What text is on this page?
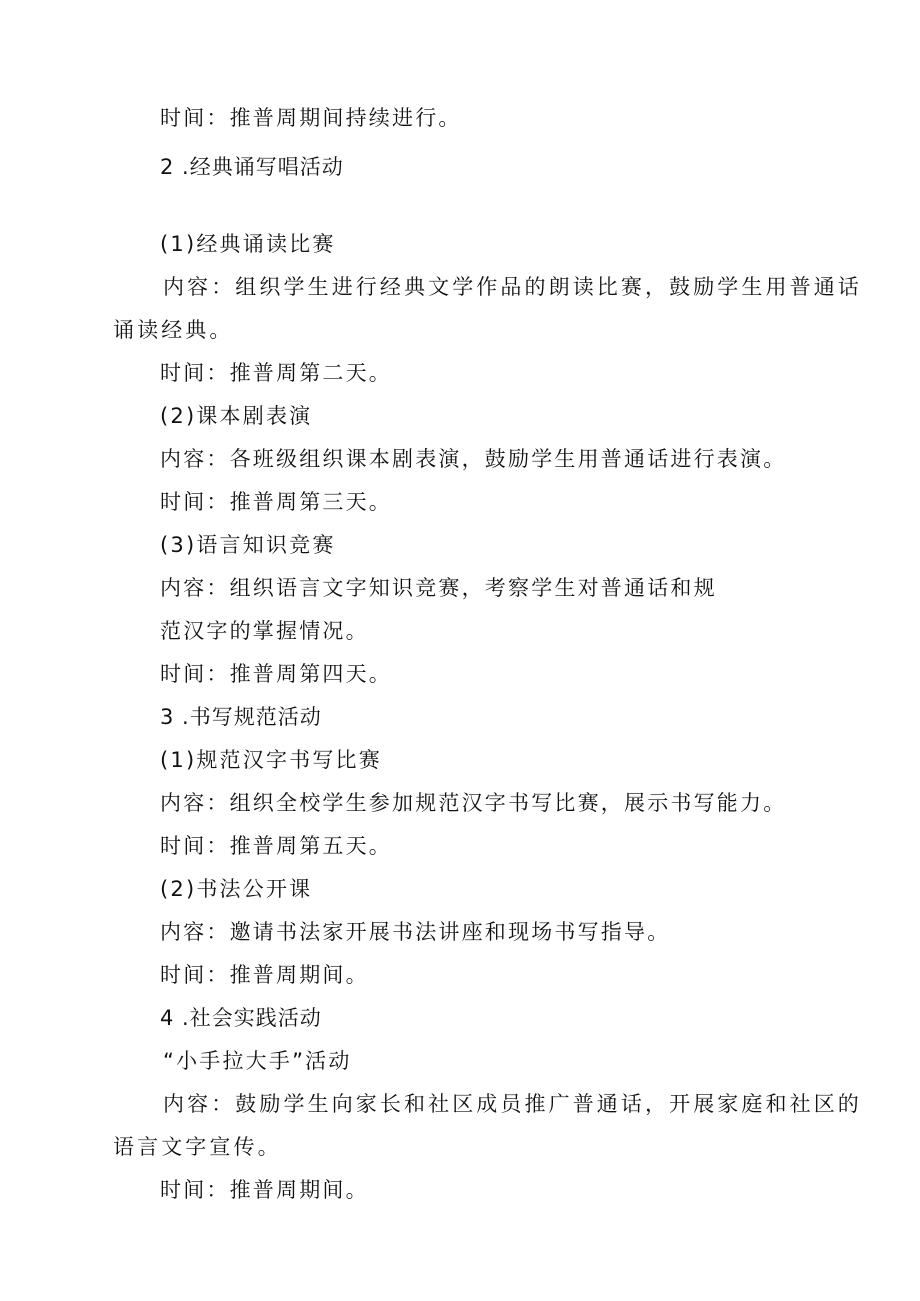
时间：推普周期间持续进行。
2 .经典诵写唱活动
(1)经典诵读比赛
内容：组织学生进行经典文学作品的朗读比赛，鼓励学生用普通话
诵读经典。
时间：推普周第二天。
(2)课本剧表演
内容：各班级组织课本剧表演，鼓励学生用普通话进行表演。
时间：推普周第三天。
(3)语言知识竞赛
内容：组织语言文字知识竞赛，考察学生对普通话和规
范汉字的掌握情况。
时间：推普周第四天。
3 .书写规范活动
(1)规范汉字书写比赛
内容：组织全校学生参加规范汉字书写比赛，展示书写能力。
时间：推普周第五天。
(2)书法公开课
内容：邀请书法家开展书法讲座和现场书写指导。
时间：推普周期间。
4 .社会实践活动
“小手拉大手”活动
内容：鼓励学生向家长和社区成员推广普通话，开展家庭和社区的
语言文字宣传。
时间：推普周期间。
